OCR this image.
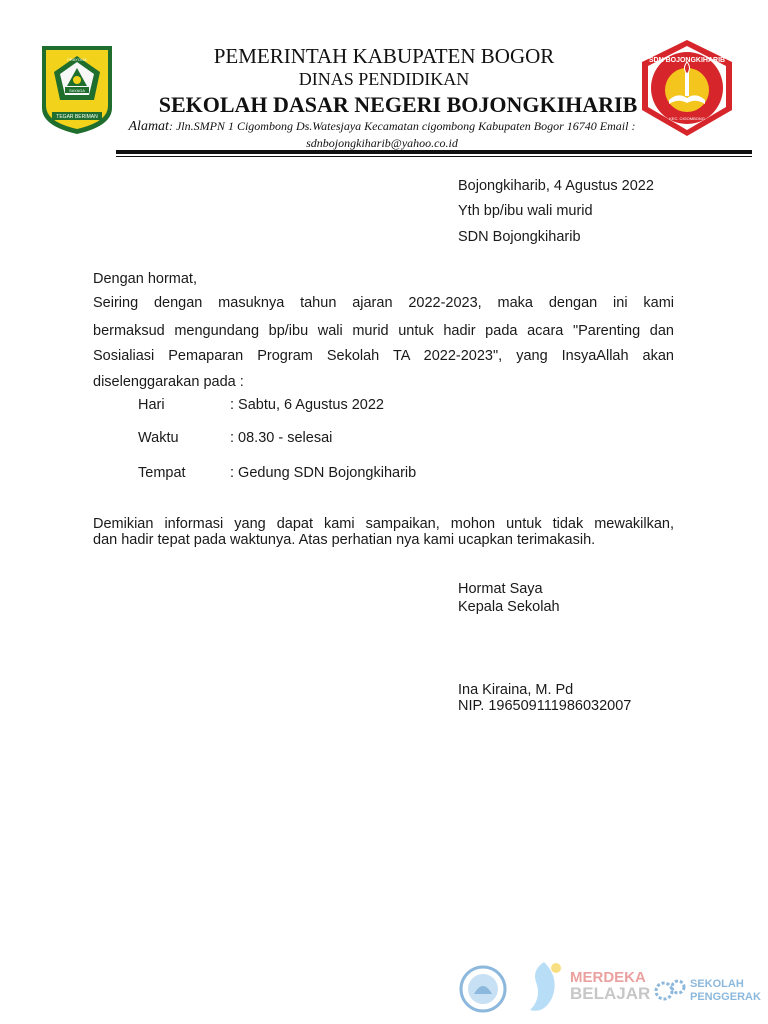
SAYAGA
PRAYOGA
TEGAR BERIMAN
PEMERINTAH KABUPATEN BOGOR
DINAS PENDIDIKAN
SEKOLAH DASAR NEGERI BOJONGKIHARIB
Alamat: Jln.SMPN 1 Cigombong Ds.Watesjaya Kecamatan cigombong Kabupaten Bogor 16740 Email :
sdnbojongkiharib@yahoo.co.id
SDN BOJONGKIHARIB
KEC. CIGOMBONG
Bojongkiharib, 4 Agustus 2022
Yth bp/ibu wali murid
SDN Bojongkiharib
Dengan hormat,
Seiring dengan masuknya tahun ajaran 2022-2023, maka dengan ini kami
bermaksud mengundang bp/ibu wali murid untuk hadir pada acara "Parenting dan
Sosialiasi Pemaparan Program Sekolah TA 2022-2023", yang InsyaAllah akan
diselenggarakan pada :
Hari	: Sabtu, 6 Agustus 2022
Waktu	: 08.30 - selesai
Tempat	: Gedung SDN Bojongkiharib
Demikian informasi yang dapat kami sampaikan, mohon untuk tidak mewakilkan,
dan hadir tepat pada waktunya. Atas perhatian nya kami ucapkan terimakasih.
Hormat Saya
Kepala Sekolah
Ina Kiraina, M. Pd
NIP. 196509111986032007
MERDEKA
BELAJAR	SEKOLAH
PENGGERAK
